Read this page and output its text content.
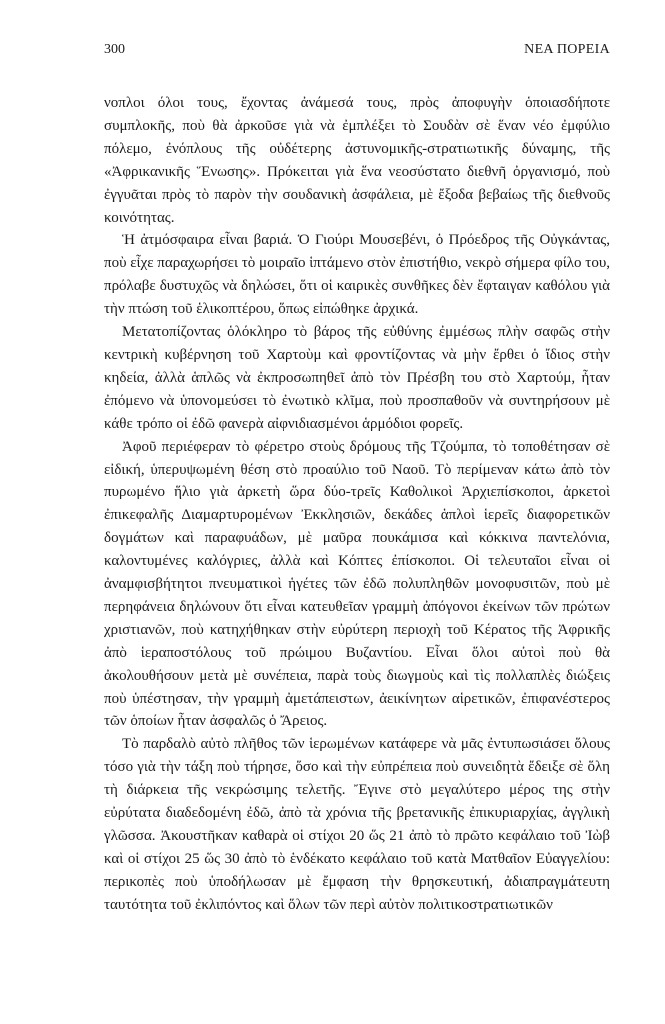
300	ΝΕΑ ΠΟΡΕΙΑ

νοπλοι όλοι τους, ἔχοντας ἀνάμεσά τους, πρὸς ἀποφυγὴν ὁποιασδήποτε συμπλοκῆς, ποὺ θὰ ἀρκοῦσε γιὰ νὰ ἐμπλέξει τὸ Σουδὰν σὲ ἕναν νέο ἐμφύλιο πόλεμο, ἐνόπλους τῆς οὐδέτερης ἀστυνομικῆς-στρατιωτικῆς δύναμης, τῆς «Ἀφρικανικῆς Ἕνωσης». Πρόκειται γιὰ ἕνα νεοσύστατο διεθνῆ ὀργανισμό, ποὺ ἐγγυᾶται πρὸς τὸ παρὸν τὴν σουδανικὴ ἀσφάλεια, μὲ ἔξοδα βεβαίως τῆς διεθνοῦς κοινότητας.

Ἡ ἀτμόσφαιρα εἶναι βαριά. Ὁ Γιούρι Μουσεβένι, ὁ Πρόεδρος τῆς Οὐγκάντας, ποὺ εἶχε παραχωρήσει τὸ μοιραῖο ἱπτάμενο στὸν ἐπιστήθιο, νεκρὸ σήμερα φίλο του, πρόλαβε δυστυχῶς νὰ δηλώσει, ὅτι οἱ καιρικὲς συνθῆκες δὲν ἔφταιγαν καθόλου γιὰ τὴν πτώση τοῦ ἑλικοπτέρου, ὅπως εἰπώθηκε ἀρχικά.

Μετατοπίζοντας ὁλόκληρο τὸ βάρος τῆς εὐθύνης ἐμμέσως πλὴν σαφῶς στὴν κεντρικὴ κυβέρνηση τοῦ Χαρτοὺμ καὶ φροντίζοντας νὰ μὴν ἔρθει ὁ ἴδιος στὴν κηδεία, ἀλλὰ ἁπλῶς νὰ ἐκπροσωπηθεῖ ἀπὸ τὸν Πρέσβη του στὸ Χαρτούμ, ἦταν ἐπόμενο νὰ ὑπονομεύσει τὸ ἐνωτικὸ κλῖμα, ποὺ προσπαθοῦν νὰ συντηρήσουν μὲ κάθε τρόπο οἱ ἐδῶ φανερὰ αἰφνιδιασμένοι ἁρμόδιοι φορεῖς.

Ἀφοῦ περιέφεραν τὸ φέρετρο στοὺς δρόμους τῆς Τζούμπα, τὸ τοποθέτησαν σὲ εἰδική, ὑπερυψωμένη θέση στὸ προαύλιο τοῦ Ναοῦ. Τὸ περίμεναν κάτω ἀπὸ τὸν πυρωμένο ἥλιο γιὰ ἀρκετὴ ὥρα δύο-τρεῖς Καθολικοὶ Ἀρχιεπίσκοποι, ἀρκετοὶ ἐπικεφαλῆς Διαμαρτυρομένων Ἐκκλησιῶν, δεκάδες ἁπλοὶ ἱερεῖς διαφορετικῶν δογμάτων καὶ παραφυάδων, μὲ μαῦρα πουκάμισα καὶ κόκκινα παντελόνια, καλοντυμένες καλόγριες, ἀλλὰ καὶ Κόπτες ἐπίσκοποι. Οἱ τελευταῖοι εἶναι οἱ ἀναμφισβήτητοι πνευματικοὶ ἡγέτες τῶν ἐδῶ πολυπληθῶν μονοφυσιτῶν, ποὺ μὲ περηφάνεια δηλώνουν ὅτι εἶναι κατευθεῖαν γραμμὴ ἀπόγονοι ἐκείνων τῶν πρώτων χριστιανῶν, ποὺ κατηχήθηκαν στὴν εὐρύτερη περιοχὴ τοῦ Κέρατος τῆς Ἀφρικῆς ἀπὸ ἱεραποστόλους τοῦ πρώιμου Βυζαντίου. Εἶναι ὅλοι αὐτοὶ ποὺ θὰ ἀκολουθήσουν μετὰ μὲ συνέπεια, παρὰ τοὺς διωγμοὺς καὶ τὶς πολλαπλὲς διώξεις ποὺ ὑπέστησαν, τὴν γραμμὴ ἀμετάπειστων, ἀεικίνητων αἱρετικῶν, ἐπιφανέστερος τῶν ὁποίων ἦταν ἀσφαλῶς ὁ Ἄρειος.

Τὸ παρδαλὸ αὐτὸ πλῆθος τῶν ἱερωμένων κατάφερε νὰ μᾶς ἐντυπωσιάσει ὅλους τόσο γιὰ τὴν τάξη ποὺ τήρησε, ὅσο καὶ τὴν εὐπρέπεια ποὺ συνειδητὰ ἔδειξε σὲ ὅλη τὴ διάρκεια τῆς νεκρώσιμης τελετῆς. Ἔγινε στὸ μεγαλύτερο μέρος της στὴν εὐρύτατα διαδεδομένη ἐδῶ, ἀπὸ τὰ χρόνια τῆς βρετανικῆς ἐπικυριαρχίας, ἀγγλικὴ γλῶσσα. Ἀκουστῆκαν καθαρὰ οἱ στίχοι 20 ὥς 21 ἀπὸ τὸ πρῶτο κεφάλαιο τοῦ Ἰὼβ καὶ οἱ στίχοι 25 ὥς 30 ἀπὸ τὸ ἑνδέκατο κεφάλαιο τοῦ κατὰ Ματθαῖον Εὐαγγελίου: περικοπὲς ποὺ ὑποδήλωσαν μὲ ἔμφαση τὴν θρησκευτική, ἀδιαπραγμάτευτη ταυτότητα τοῦ ἐκλιπόντος καὶ ὅλων τῶν περὶ αὐτὸν πολιτικοστρατιωτικῶν
